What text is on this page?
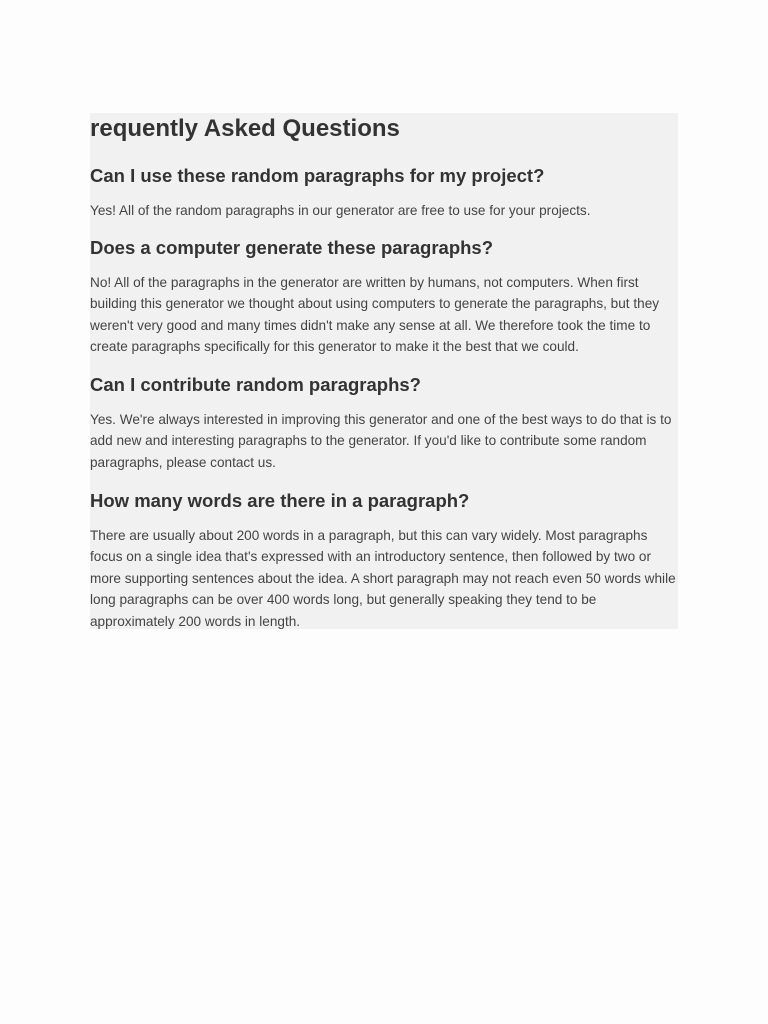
requently Asked Questions
Can I use these random paragraphs for my project?

Yes! All of the random paragraphs in our generator are free to use for your projects.

Does a computer generate these paragraphs?

No! All of the paragraphs in the generator are written by humans, not computers. When first building this generator we thought about using computers to generate the paragraphs, but they weren't very good and many times didn't make any sense at all. We therefore took the time to create paragraphs specifically for this generator to make it the best that we could.

Can I contribute random paragraphs?

Yes. We're always interested in improving this generator and one of the best ways to do that is to add new and interesting paragraphs to the generator. If you'd like to contribute some random paragraphs, please contact us.

How many words are there in a paragraph?

There are usually about 200 words in a paragraph, but this can vary widely. Most paragraphs focus on a single idea that's expressed with an introductory sentence, then followed by two or more supporting sentences about the idea. A short paragraph may not reach even 50 words while long paragraphs can be over 400 words long, but generally speaking they tend to be approximately 200 words in length.
